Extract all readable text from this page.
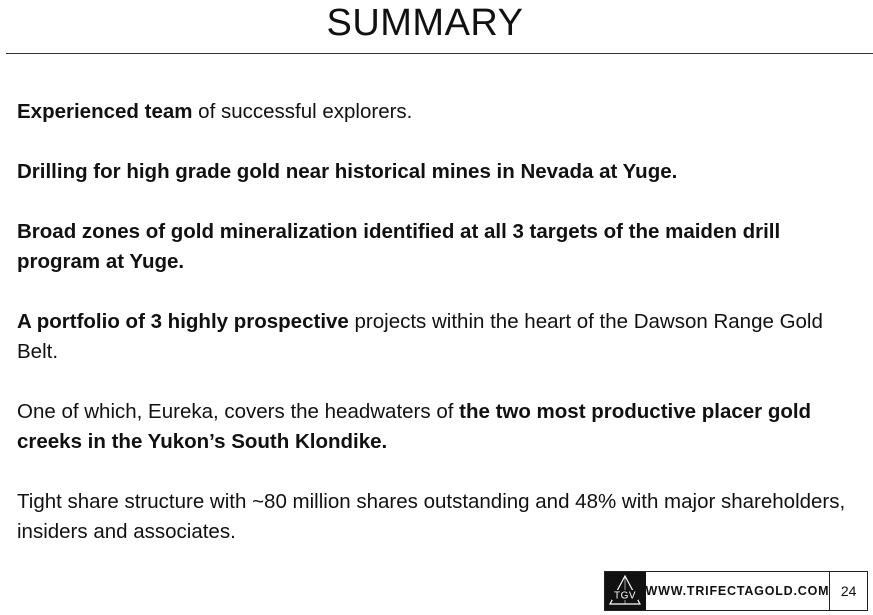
SUMMARY

Experienced team of successful explorers.

Drilling for high grade gold near historical mines in Nevada at Yuge.

Broad zones of gold mineralization identified at all 3 targets of the maiden drill program at Yuge.

A portfolio of 3 highly prospective projects within the heart of the Dawson Range Gold Belt.

One of which, Eureka, covers the headwaters of the two most productive placer gold creeks in the Yukon’s South Klondike.

Tight share structure with ~80 million shares outstanding and 48% with major shareholders, insiders and associates.

TGV WWW.TRIFECTAGOLD.COM 24
